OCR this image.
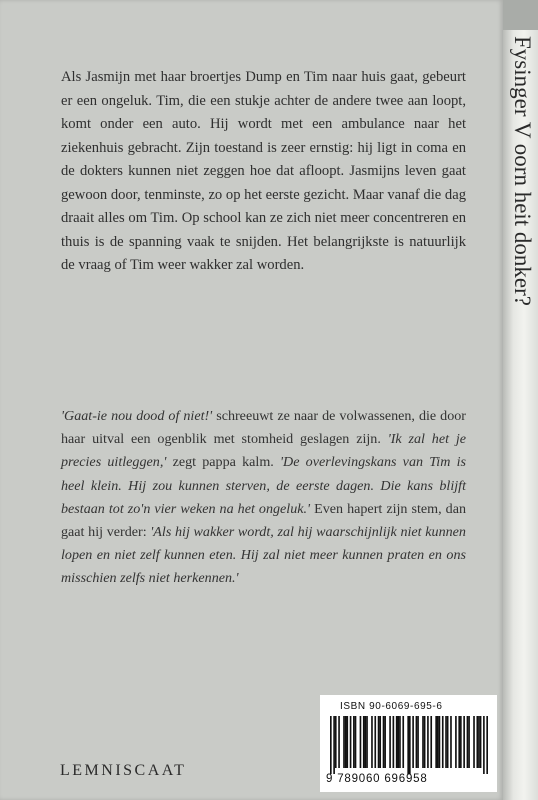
Fysinger V oorn heit donker?

Als Jasmijn met haar broertjes Dump en Tim naar huis gaat, gebeurt er een ongeluk. Tim, die een stukje achter de andere twee aan loopt, komt onder een auto. Hij wordt met een ambulance naar het ziekenhuis gebracht. Zijn toestand is zeer ernstig: hij ligt in coma en de dokters kunnen niet zeggen hoe dat afloopt. Jasmijns leven gaat gewoon door, tenminste, zo op het eerste gezicht. Maar vanaf die dag draait alles om Tim. Op school kan ze zich niet meer concentreren en thuis is de spanning vaak te snijden. Het belangrijkste is natuurlijk de vraag of Tim weer wakker zal worden.

'Gaat-ie nou dood of niet!' schreeuwt ze naar de volwassenen, die door haar uitval een ogenblik met stomheid geslagen zijn. 'Ik zal het je precies uitleggen,' zegt pappa kalm. 'De overlevingskans van Tim is heel klein. Hij zou kunnen sterven, de eerste dagen. Die kans blijft bestaan tot zo'n vier weken na het ongeluk.' Even hapert zijn stem, dan gaat hij verder: 'Als hij wakker wordt, zal hij waarschijnlijk niet kunnen lopen en niet zelf kunnen eten. Hij zal niet meer kunnen praten en ons misschien zelfs niet herkennen.'

LEMNISCAAT
ISBN 90-6069-695-6
9 789060 696958
